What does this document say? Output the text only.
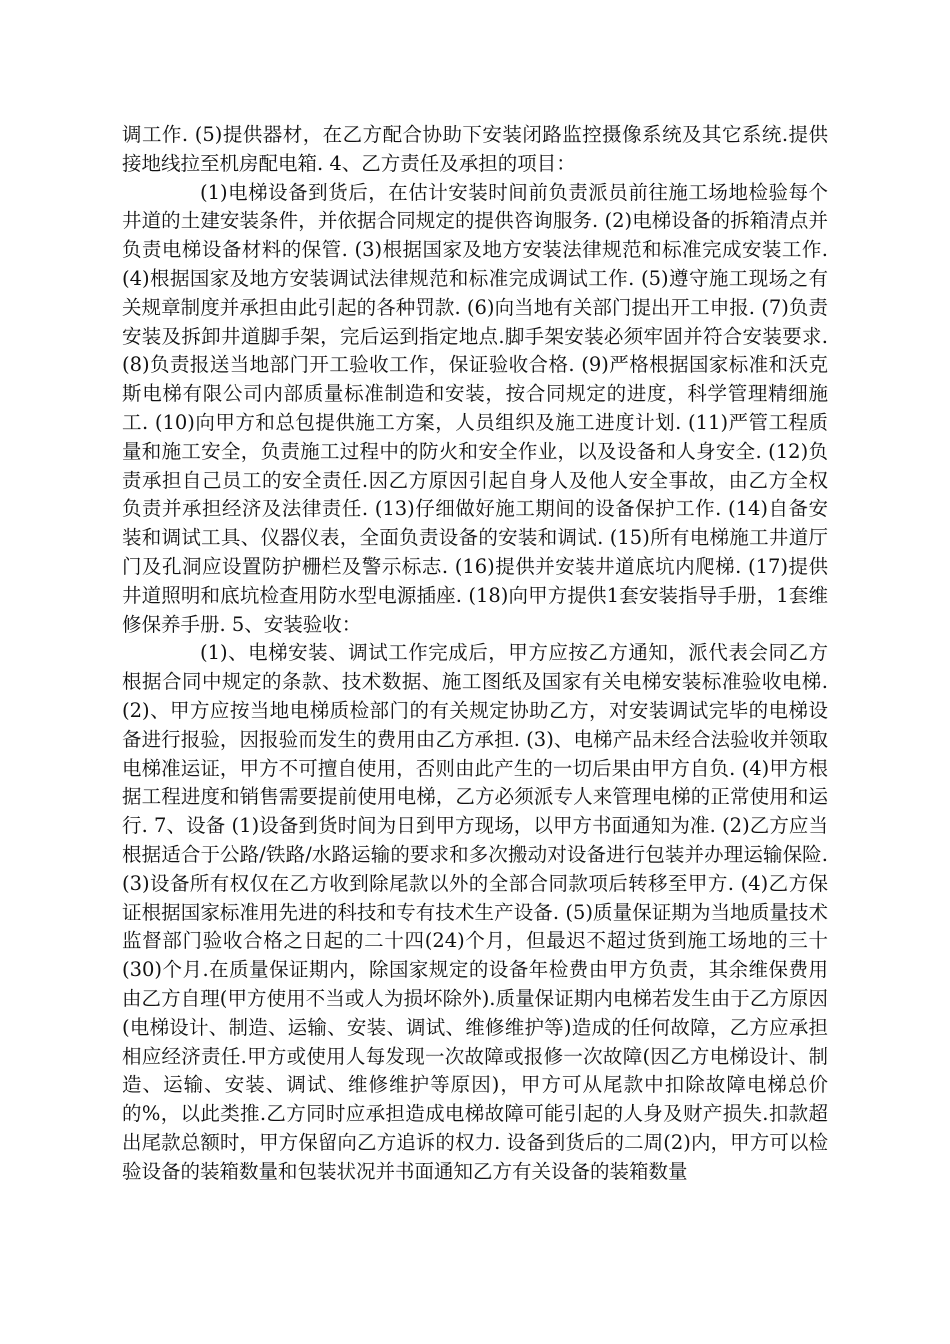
调工作. (5)提供器材，在乙方配合协助下安装闭路监控摄像系统及其它系统.提供接地线拉至机房配电箱. 4、乙方责任及承担的项目：

(1)电梯设备到货后，在估计安装时间前负责派员前往施工场地检验每个井道的土建安装条件，并依据合同规定的提供咨询服务. (2)电梯设备的拆箱清点并负责电梯设备材料的保管. (3)根据国家及地方安装法律规范和标准完成安装工作. (4)根据国家及地方安装调试法律规范和标准完成调试工作. (5)遵守施工现场之有关规章制度并承担由此引起的各种罚款. (6)向当地有关部门提出开工申报. (7)负责安装及拆卸井道脚手架，完后运到指定地点.脚手架安装必须牢固并符合安装要求. (8)负责报送当地部门开工验收工作，保证验收合格. (9)严格根据国家标准和沃克斯电梯有限公司内部质量标准制造和安装，按合同规定的进度，科学管理精细施工. (10)向甲方和总包提供施工方案，人员组织及施工进度计划. (11)严管工程质量和施工安全，负责施工过程中的防火和安全作业，以及设备和人身安全. (12)负责承担自己员工的安全责任.因乙方原因引起自身人及他人安全事故，由乙方全权负责并承担经济及法律责任. (13)仔细做好施工期间的设备保护工作. (14)自备安装和调试工具、仪器仪表，全面负责设备的安装和调试. (15)所有电梯施工井道厅门及孔洞应设置防护栅栏及警示标志. (16)提供并安装井道底坑内爬梯. (17)提供井道照明和底坑检查用防水型电源插座. (18)向甲方提供1套安装指导手册，1套维修保养手册. 5、安装验收：

(1)、电梯安装、调试工作完成后，甲方应按乙方通知，派代表会同乙方根据合同中规定的条款、技术数据、施工图纸及国家有关电梯安装标准验收电梯. (2)、甲方应按当地电梯质检部门的有关规定协助乙方，对安装调试完毕的电梯设备进行报验，因报验而发生的费用由乙方承担. (3)、电梯产品未经合法验收并领取电梯准运证，甲方不可擅自使用，否则由此产生的一切后果由甲方自负. (4)甲方根据工程进度和销售需要提前使用电梯，乙方必须派专人来管理电梯的正常使用和运行. 7、设备 (1)设备到货时间为日到甲方现场，以甲方书面通知为准. (2)乙方应当根据适合于公路/铁路/水路运输的要求和多次搬动对设备进行包装并办理运输保险. (3)设备所有权仅在乙方收到除尾款以外的全部合同款项后转移至甲方. (4)乙方保证根据国家标准用先进的科技和专有技术生产设备. (5)质量保证期为当地质量技术监督部门验收合格之日起的二十四(24)个月，但最迟不超过货到施工场地的三十(30)个月.在质量保证期内，除国家规定的设备年检费由甲方负责，其余维保费用由乙方自理(甲方使用不当或人为损坏除外).质量保证期内电梯若发生由于乙方原因(电梯设计、制造、运输、安装、调试、维修维护等)造成的任何故障，乙方应承担相应经济责任.甲方或使用人每发现一次故障或报修一次故障(因乙方电梯设计、制造、运输、安装、调试、维修维护等原因)，甲方可从尾款中扣除故障电梯总价的%，以此类推.乙方同时应承担造成电梯故障可能引起的人身及财产损失.扣款超出尾款总额时，甲方保留向乙方追诉的权力. 设备到货后的二周(2)内，甲方可以检验设备的装箱数量和包装状况并书面通知乙方有关设备的装箱数量
